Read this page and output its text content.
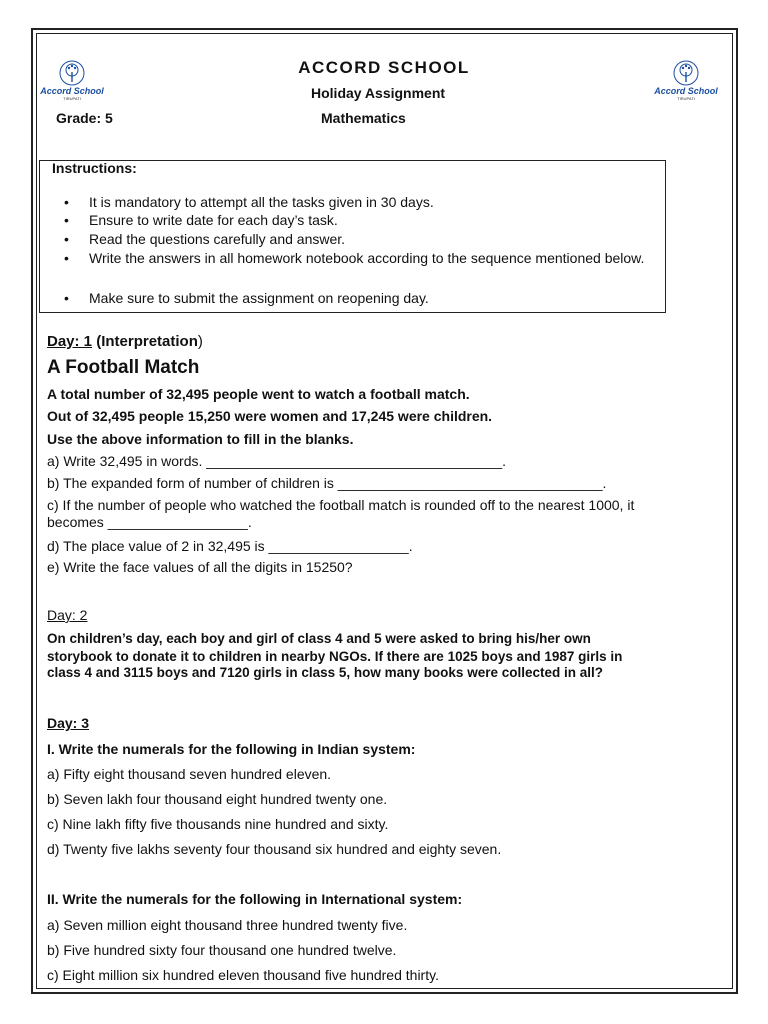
Accord School
TIRUPATI
Accord School
TIRUPATI
ACCORD SCHOOL
Holiday Assignment
Grade: 5	Mathematics
Instructions:
It is mandatory to attempt all the tasks given in 30 days.
Ensure to write date for each day’s task.
Read the questions carefully and answer.
Write the answers in all homework notebook according to the sequence mentioned below.
Make sure to submit the assignment on reopening day.
Day: 1 (Interpretation)
A Football Match
A total number of 32,495 people went to watch a football match.
Out of 32,495 people 15,250 were women and 17,245 were children.
Use the above information to fill in the blanks.
a) Write 32,495 in words. ______________________________________.
b) The expanded form of number of children is __________________________________.
c) If the number of people who watched the football match is rounded off to the nearest 1000, it
becomes __________________.
d) The place value of 2 in 32,495 is __________________.
e) Write the face values of all the digits in 15250?
Day: 2
On children’s day, each boy and girl of class 4 and 5 were asked to bring his/her own
storybook to donate it to children in nearby NGOs. If there are 1025 boys and 1987 girls in
class 4 and 3115 boys and 7120 girls in class 5, how many books were collected in all?
Day: 3
I. Write the numerals for the following in Indian system:
a) Fifty eight thousand seven hundred eleven.
b) Seven lakh four thousand eight hundred twenty one.
c) Nine lakh fifty five thousands nine hundred and sixty.
d) Twenty five lakhs seventy four thousand six hundred and eighty seven.
II. Write the numerals for the following in International system:
a) Seven million eight thousand three hundred twenty five.
b) Five hundred sixty four thousand one hundred twelve.
c) Eight million six hundred eleven thousand five hundred thirty.
